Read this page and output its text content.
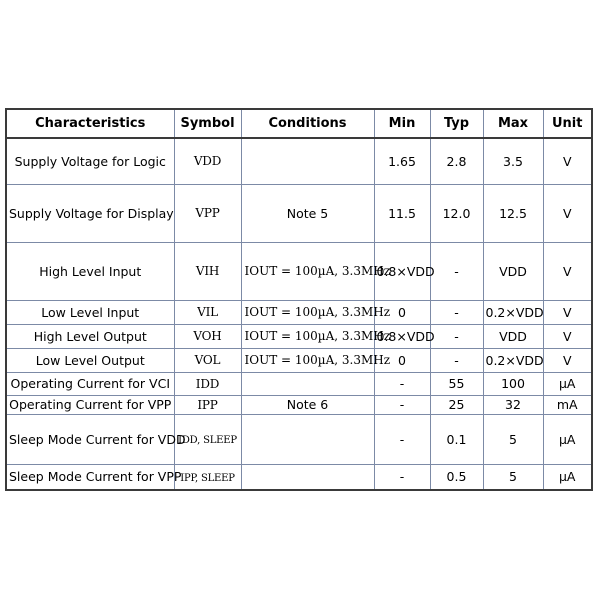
Characteristics	Symbol	Conditions	Min	Typ	Max	Unit
Supply Voltage for Logic	VDD		1.65	2.8	3.5	V
Supply Voltage for Display	VPP	Note 5	11.5	12.0	12.5	V
High Level Input	VIH	IOUT = 100µA, 3.3MHz	0.8×VDD	-	VDD	V
Low Level Input	VIL	IOUT = 100µA, 3.3MHz	0	-	0.2×VDD	V
High Level Output	VOH	IOUT = 100µA, 3.3MHz	0.8×VDD	-	VDD	V
Low Level Output	VOL	IOUT = 100µA, 3.3MHz	0	-	0.2×VDD	V
Operating Current for VCI	IDD		-	55	100	µA
Operating Current for VPP	IPP	Note 6	-	25	32	mA
Sleep Mode Current for VDD	IDD, SLEEP		-	0.1	5	µA
Sleep Mode Current for VPP	IPP, SLEEP		-	0.5	5	µA
